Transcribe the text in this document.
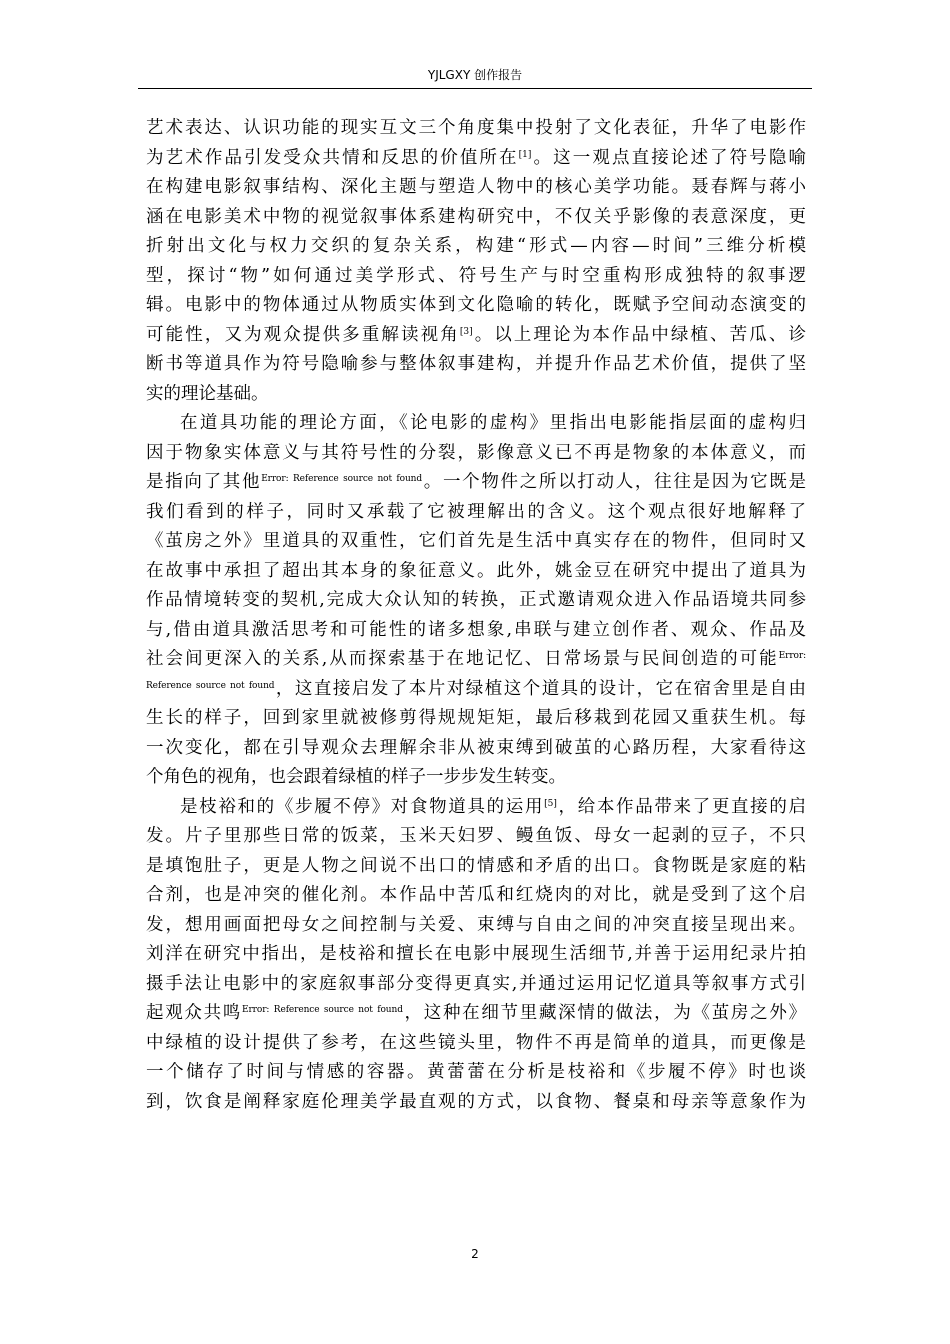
YJLGXY 创作报告
艺术表达、认识功能的现实互文三个角度集中投射了文化表征，升华了电影作
为艺术作品引发受众共情和反思的价值所在[1]。这一观点直接论述了符号隐喻
在构建电影叙事结构、深化主题与塑造人物中的核心美学功能。聂春辉与蒋小
涵在电影美术中物的视觉叙事体系建构研究中，不仅关乎影像的表意深度，更
折射出文化与权力交织的复杂关系，构建“形式—内容—时间”三维分析模
型，探讨“物”如何通过美学形式、符号生产与时空重构形成独特的叙事逻
辑。电影中的物体通过从物质实体到文化隐喻的转化，既赋予空间动态演变的
可能性，又为观众提供多重解读视角[3]。以上理论为本作品中绿植、苦瓜、诊
断书等道具作为符号隐喻参与整体叙事建构，并提升作品艺术价值，提供了坚
实的理论基础。
在道具功能的理论方面，《论电影的虚构》里指出电影能指层面的虚构归
因于物象实体意义与其符号性的分裂，影像意义已不再是物象的本体意义，而
是指向了其他$^{Error: Reference source not found}$。一个物件之所以打动人，往往是因为它既是
我们看到的样子，同时又承载了它被理解出的含义。这个观点很好地解释了
《茧房之外》里道具的双重性，它们首先是生活中真实存在的物件，但同时又
在故事中承担了超出其本身的象征意义。此外，姚金豆在研究中提出了道具为
作品情境转变的契机,完成大众认知的转换，正式邀请观众进入作品语境共同参
与,借由道具激活思考和可能性的诸多想象,串联与建立创作者、观众、作品及
社会间更深入的关系,从而探索基于在地记忆、日常场景与民间创造的可能$^{Error:}$
$^{Reference source not found}$，这直接启发了本片对绿植这个道具的设计，它在宿舍里是自由
生长的样子，回到家里就被修剪得规规矩矩，最后移栽到花园又重获生机。每
一次变化，都在引导观众去理解余非从被束缚到破茧的心路历程，大家看待这
个角色的视角，也会跟着绿植的样子一步步发生转变。
是枝裕和的《步履不停》对食物道具的运用[5]，给本作品带来了更直接的启
发。片子里那些日常的饭菜，玉米天妇罗、鳗鱼饭、母女一起剥的豆子，不只
是填饱肚子，更是人物之间说不出口的情感和矛盾的出口。食物既是家庭的粘
合剂，也是冲突的催化剂。本作品中苦瓜和红烧肉的对比，就是受到了这个启
发，想用画面把母女之间控制与关爱、束缚与自由之间的冲突直接呈现出来。
刘洋在研究中指出，是枝裕和擅长在电影中展现生活细节,并善于运用纪录片拍
摄手法让电影中的家庭叙事部分变得更真实,并通过运用记忆道具等叙事方式引
起观众共鸣$^{Error: Reference source not found}$，这种在细节里藏深情的做法，为《茧房之外》
中绿植的设计提供了参考，在这些镜头里，物件不再是简单的道具，而更像是
一个储存了时间与情感的容器。黄蕾蕾在分析是枝裕和《步履不停》时也谈
到，饮食是阐释家庭伦理美学最直观的方式，以食物、餐桌和母亲等意象作为
2
